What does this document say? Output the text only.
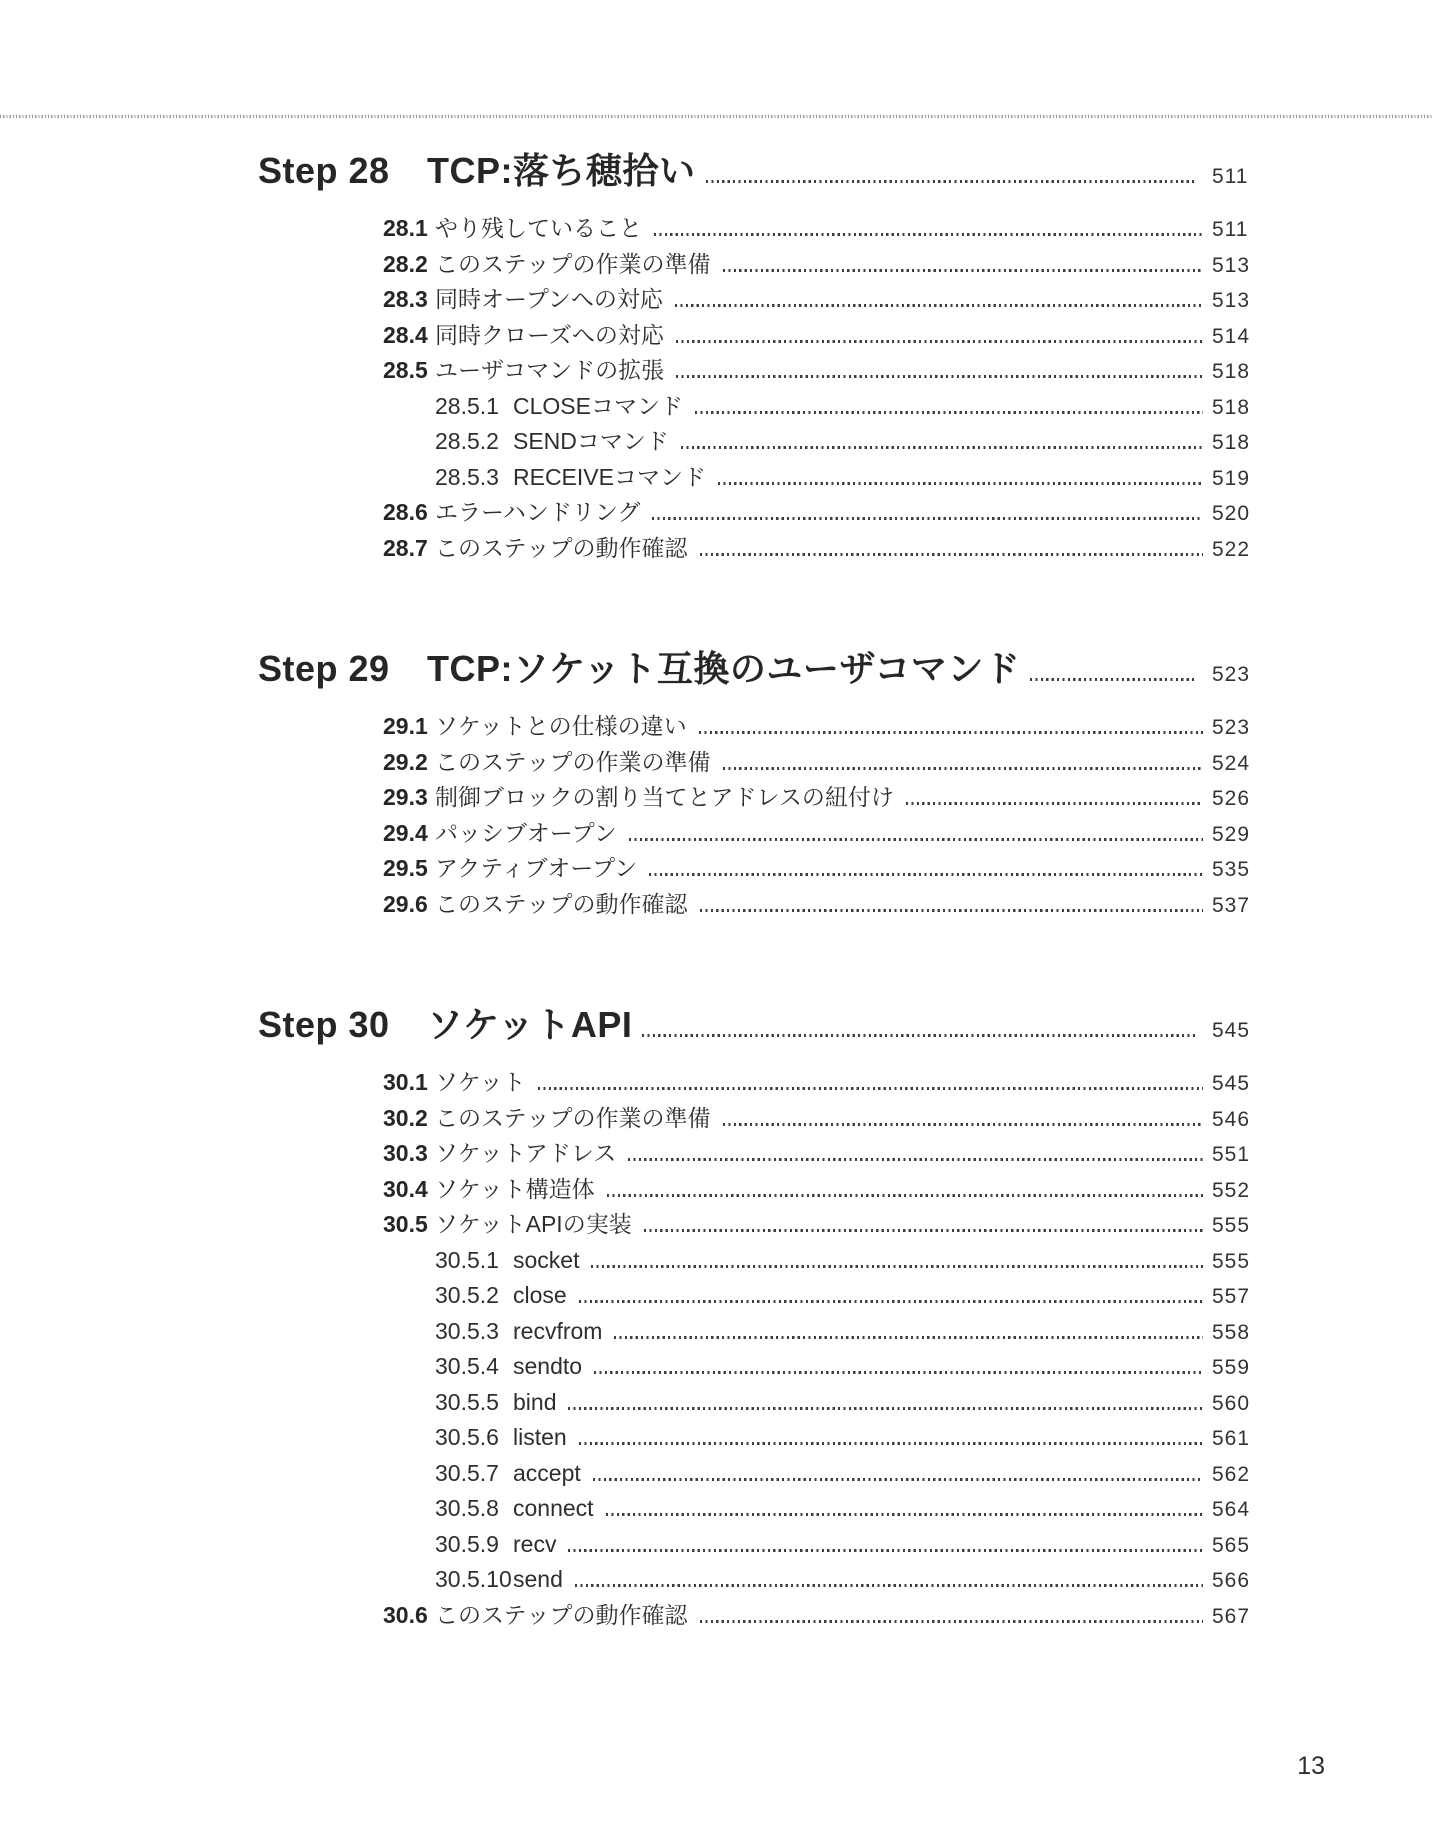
Step 28	TCP:落ち穂拾い	511
28.1 やり残していること	511
28.2 このステップの作業の準備	513
28.3 同時オープンへの対応	513
28.4 同時クローズへの対応	514
28.5 ユーザコマンドの拡張	518
28.5.1 CLOSEコマンド	518
28.5.2 SENDコマンド	518
28.5.3 RECEIVEコマンド	519
28.6 エラーハンドリング	520
28.7 このステップの動作確認	522
Step 29	TCP:ソケット互換のユーザコマンド	523
29.1 ソケットとの仕様の違い	523
29.2 このステップの作業の準備	524
29.3 制御ブロックの割り当てとアドレスの紐付け	526
29.4 パッシブオープン	529
29.5 アクティブオープン	535
29.6 このステップの動作確認	537
Step 30	ソケットAPI	545
30.1 ソケット	545
30.2 このステップの作業の準備	546
30.3 ソケットアドレス	551
30.4 ソケット構造体	552
30.5 ソケットAPIの実装	555
30.5.1 socket	555
30.5.2 close	557
30.5.3 recvfrom	558
30.5.4 sendto	559
30.5.5 bind	560
30.5.6 listen	561
30.5.7 accept	562
30.5.8 connect	564
30.5.9 recv	565
30.5.10 send	566
30.6 このステップの動作確認	567
13
